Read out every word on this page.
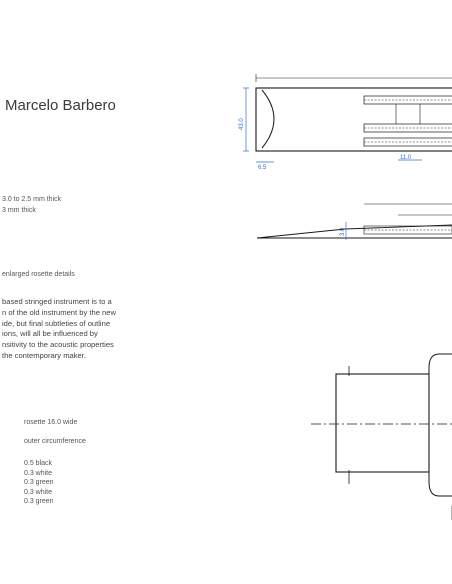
Marcelo Barbero
3.0 to 2.5 mm thick
3 mm thick
enlarged rosette details
based stringed instrument is to a
n of the old instrument by the new
ide, but final subtleties of outline
ions, will all be influenced by
nsitivity to the acoustic properties
the contemporary maker.
rosette 16.0 wide
outer circumference
0.5 black
0.3 white
0.3 green
0.3 white
0.3 green
43.0
6.5
11.0
3.0
